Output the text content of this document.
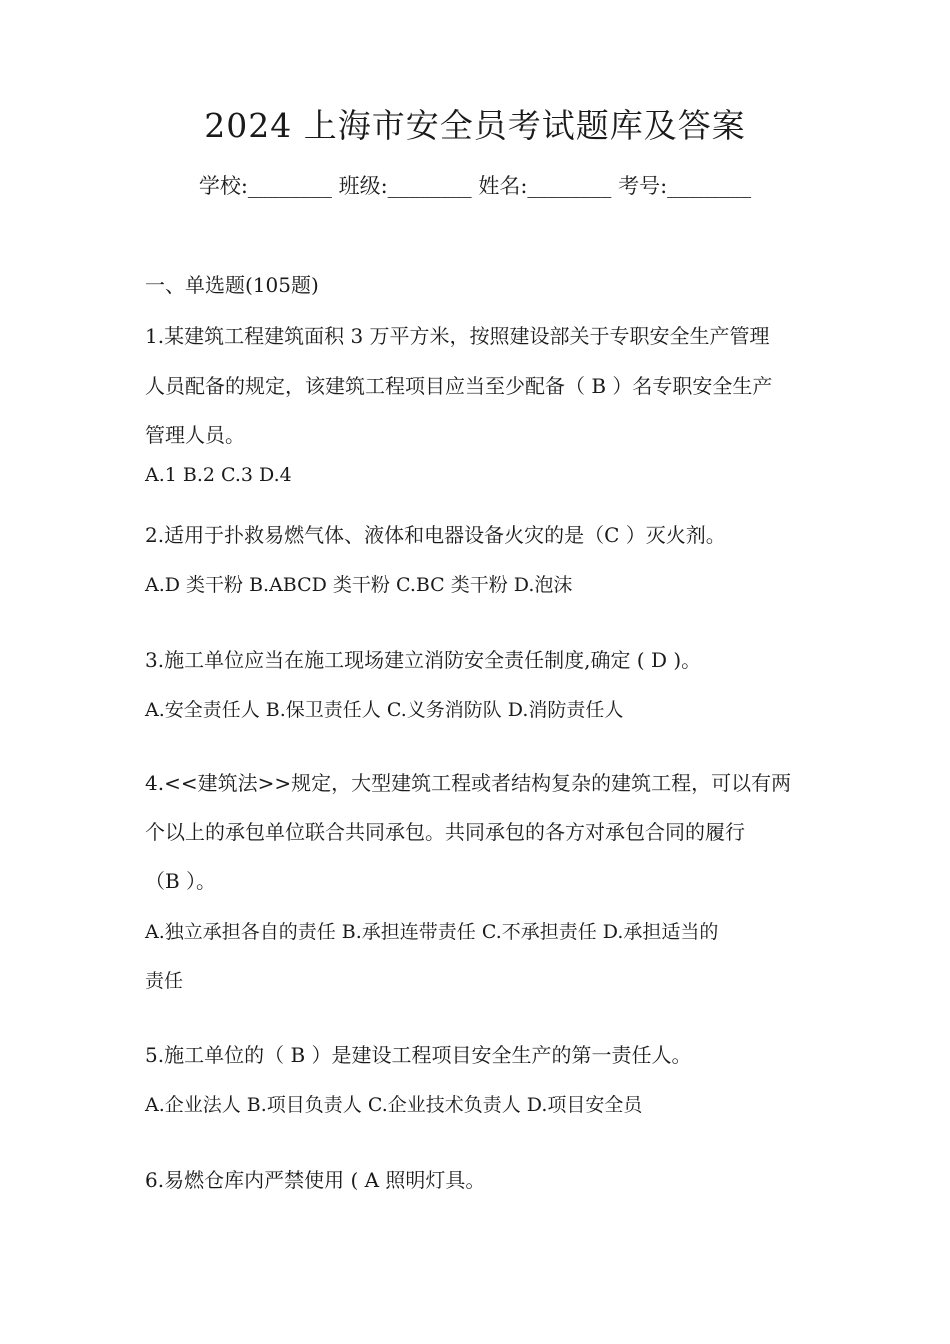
2024 上海市安全员考试题库及答案
学校:________ 班级:________ 姓名:________ 考号:________
一、单选题(105题)
1.某建筑工程建筑面积 3 万平方米，按照建设部关于专职安全生产管理
人员配备的规定，该建筑工程项目应当至少配备（ B ）名专职安全生产
管理人员。
A.1 B.2 C.3 D.4
2.适用于扑救易燃气体、液体和电器设备火灾的是（C ）灭火剂。
A.D 类干粉 B.ABCD 类干粉 C.BC 类干粉 D.泡沫
3.施工单位应当在施工现场建立消防安全责任制度,确定 ( D )。
A.安全责任人 B.保卫责任人 C.义务消防队 D.消防责任人
4.<<建筑法>>规定，大型建筑工程或者结构复杂的建筑工程，可以有两
个以上的承包单位联合共同承包。共同承包的各方对承包合同的履行
（B ）。
A.独立承担各自的责任 B.承担连带责任 C.不承担责任 D.承担适当的
责任
5.施工单位的（ B ）是建设工程项目安全生产的第一责任人。
A.企业法人 B.项目负责人 C.企业技术负责人 D.项目安全员
6.易燃仓库内严禁使用 ( A 照明灯具。
